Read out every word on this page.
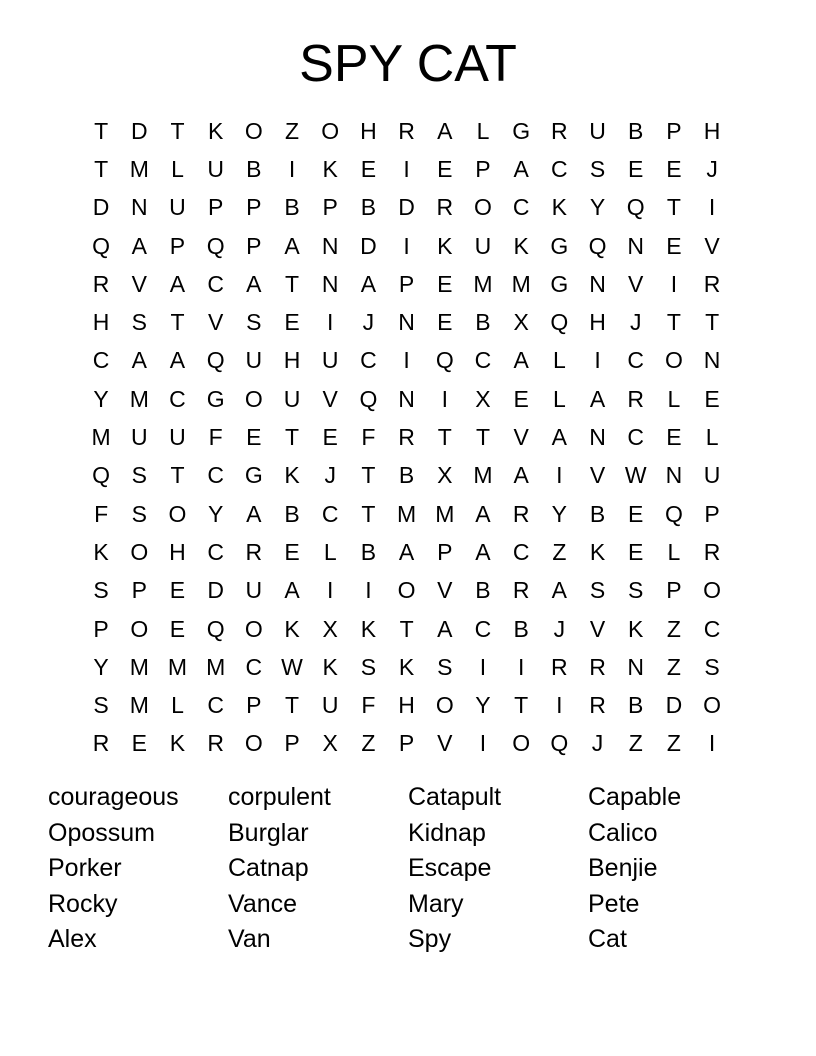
SPY CAT
T D T	K O Z O H R A	L G R U B P H
T M L	U B	I	K E	I	E P A C S E E	J
D N U P P B P B D R O C K Y Q T	I
Q A P Q P A N D	I	K U K G Q N E V
R V A C A	T N A P E M M G N V	I	R
H S	T	V S E	I	J	N E B X Q H	J	T	T
C A A Q U H U C	I	Q C A	L	I	C O N
Y M C G O U V Q N	I	X E	L	A R	L	E
M U U F	E	T	E	F R T	T	V A N C E	L
Q S	T C G K	J	T	B X M A	I	V W N U
F	S O Y A B C T M M A R Y B E Q P
K O H C R E	L	B A P A C Z	K E	L	R
S P E D U A	I	I	O V B R A S S P O
P O E Q O K X K	T	A C B	J	V K	Z C
Y M M M C W K S K S	I	I	R R N Z	S
S M L	C P	T U F H O Y	T	I	R B D O
R E K R O P X	Z	P V	I	O Q	J	Z	Z	I
courageous	corpulent	Catapult	Capable
Opossum	Burglar	Kidnap	Calico
Porker	Catnap	Escape	Benjie
Rocky	Vance	Mary	Pete
Alex	Van	Spy	Cat
